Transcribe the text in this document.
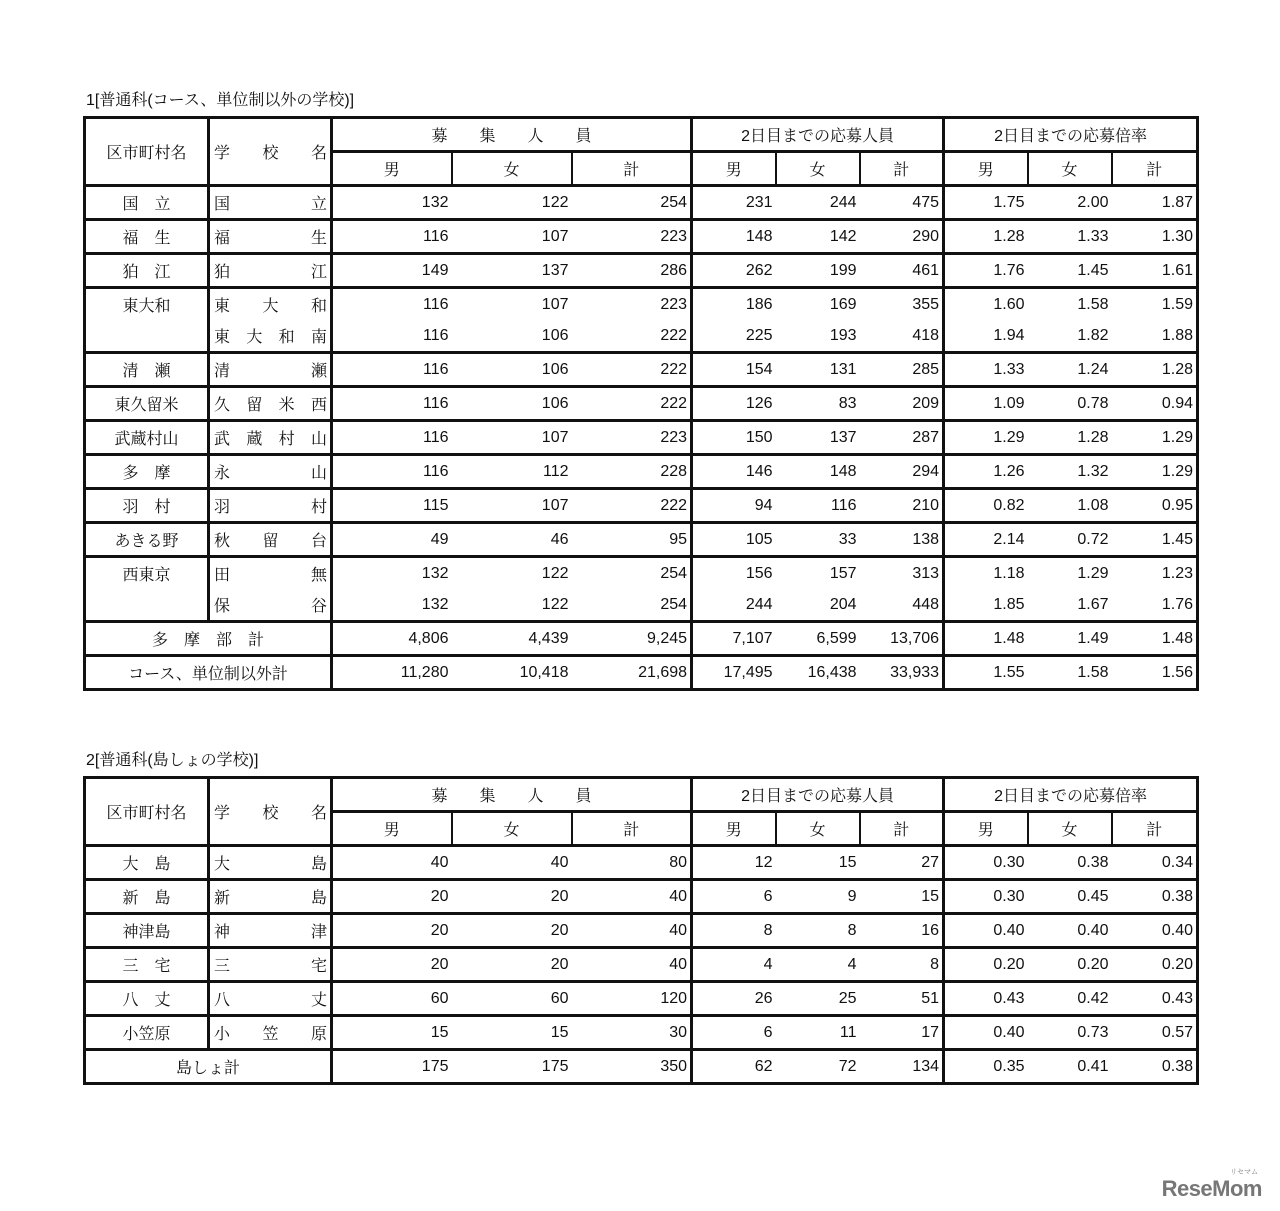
1[普通科(コース、単位制以外の学校)]
区市町村名	学　　校　　名	募　　集　　人　　員			2日目までの応募人員			2日目までの応募倍率		
		男	女	計	男	女	計	男	女	計
国　立	国立	132	122	254	231	244	475	1.75	2.00	1.87
福　生	福生	116	107	223	148	142	290	1.28	1.33	1.30
狛　江	狛江	149	137	286	262	199	461	1.76	1.45	1.61
東大和	東大和	116	107	223	186	169	355	1.60	1.58	1.59
	東大和南	116	106	222	225	193	418	1.94	1.82	1.88
清　瀬	清瀬	116	106	222	154	131	285	1.33	1.24	1.28
東久留米	久留米西	116	106	222	126	83	209	1.09	0.78	0.94
武蔵村山	武蔵村山	116	107	223	150	137	287	1.29	1.28	1.29
多　摩	永山	116	112	228	146	148	294	1.26	1.32	1.29
羽　村	羽村	115	107	222	94	116	210	0.82	1.08	0.95
あきる野	秋留台	49	46	95	105	33	138	2.14	0.72	1.45
西東京	田無	132	122	254	156	157	313	1.18	1.29	1.23
	保谷	132	122	254	244	204	448	1.85	1.67	1.76
多　摩　部　計		4,806	4,439	9,245	7,107	6,599	13,706	1.48	1.49	1.48
コース、単位制以外計		11,280	10,418	21,698	17,495	16,438	33,933	1.55	1.58	1.56
2[普通科(島しょの学校)]
区市町村名	学　　校　　名	募　　集　　人　　員			2日目までの応募人員			2日目までの応募倍率		
		男	女	計	男	女	計	男	女	計
大　島	大島	40	40	80	12	15	27	0.30	0.38	0.34
新　島	新島	20	20	40	6	9	15	0.30	0.45	0.38
神津島	神津	20	20	40	8	8	16	0.40	0.40	0.40
三　宅	三宅	20	20	40	4	4	8	0.20	0.20	0.20
八　丈	八丈	60	60	120	26	25	51	0.43	0.42	0.43
小笠原	小笠原	15	15	30	6	11	17	0.40	0.73	0.57
島しょ計		175	175	350	62	72	134	0.35	0.41	0.38
リセマム
ReseMom
